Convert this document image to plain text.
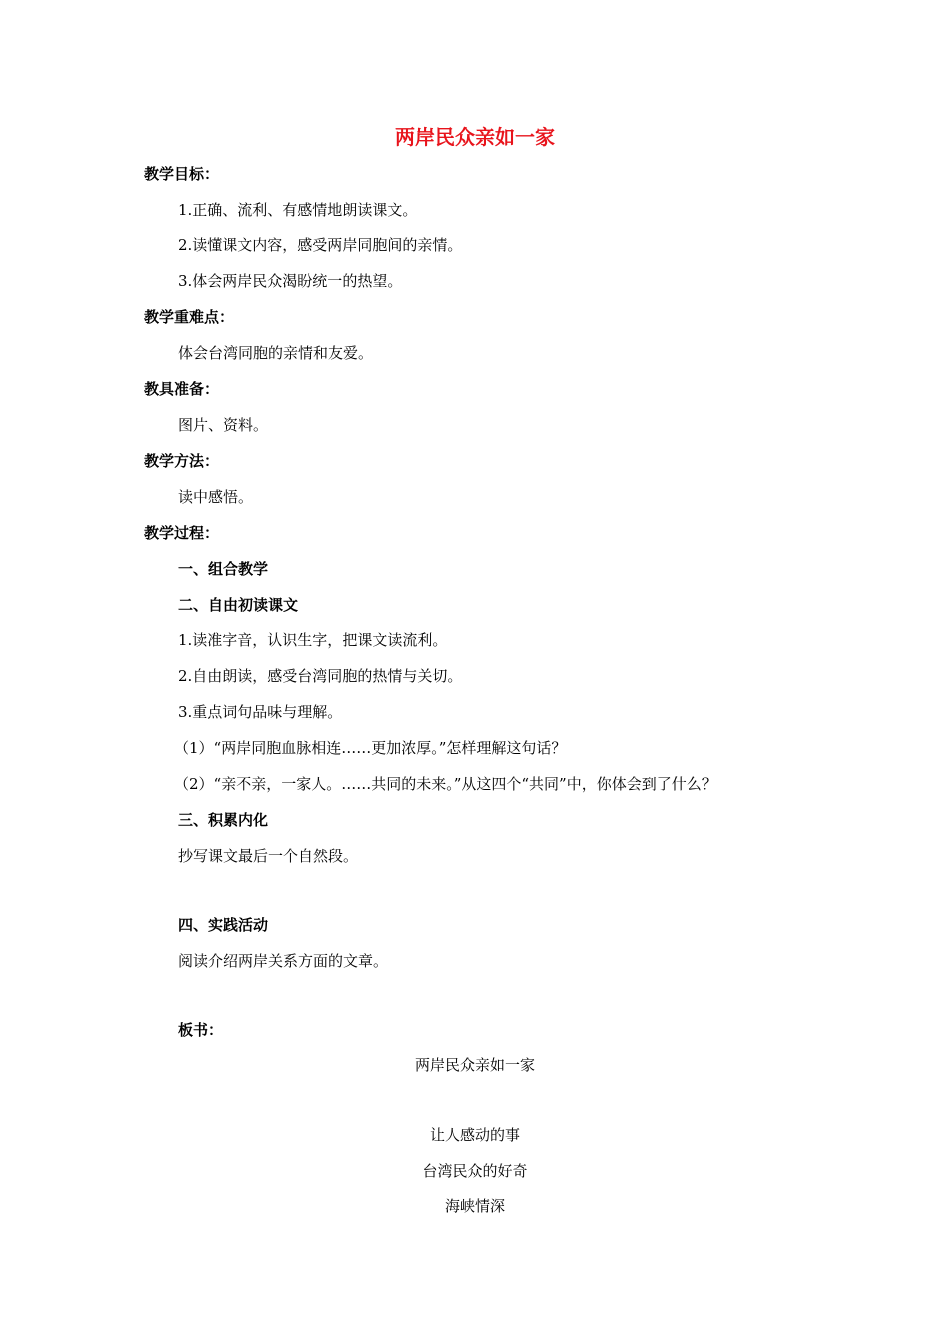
两岸民众亲如一家
教学目标：
1.正确、流利、有感情地朗读课文。
2.读懂课文内容，感受两岸同胞间的亲情。
3.体会两岸民众渴盼统一的热望。
教学重难点：
体会台湾同胞的亲情和友爱。
教具准备：
图片、资料。
教学方法：
读中感悟。
教学过程：
一、组合教学
二、自由初读课文
1.读准字音，认识生字，把课文读流利。
2.自由朗读，感受台湾同胞的热情与关切。
3.重点词句品味与理解。
（1）“两岸同胞血脉相连……更加浓厚。”怎样理解这句话？
（2）“亲不亲，一家人。……共同的未来。”从这四个“共同”中，你体会到了什么？
三、积累内化
抄写课文最后一个自然段。
四、实践活动
阅读介绍两岸关系方面的文章。
板书：
两岸民众亲如一家
让人感动的事
台湾民众的好奇
海峡情深
